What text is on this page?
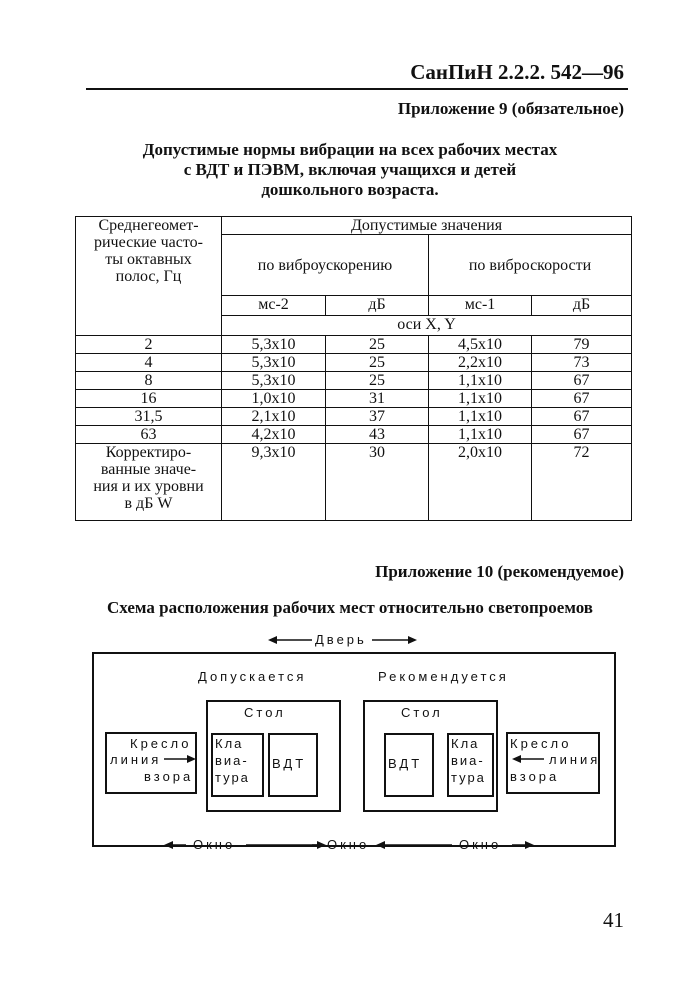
СанПиН 2.2.2. 542—96
Приложение 9 (обязательное)
Допустимые нормы вибрации на всех рабочих местах
с ВДТ и ПЭВМ, включая учащихся и детей
дошкольного возраста.
Среднегеомет-
рические часто-
ты октавных
полос, Гц	Допустимые значения			
	по виброускорению		по виброскорости	
	мс-2	дБ	мс-1	дБ
	оси X, Y			
2	5,3x10	25	4,5x10	79
4	5,3x10	25	2,2x10	73
8	5,3x10	25	1,1x10	67
16	1,0x10	31	1,1x10	67
31,5	2,1x10	37	1,1x10	67
63	4,2x10	43	1,1x10	67

Корректиро-
ванные значе-
ния и их уровни
в дБ W	9,3x10	30	2,0x10	72
Приложение 10 (рекомендуемое)
Схема расположения рабочих мест относительно светопроемов
Дверь
Допускается	Рекомендуется
Стол
Кла
виа-
тура
ВДТ
Кресло
линия
взора
Стол
ВДТ
Кла
виа-
тура
Кресло
линия
взора
Окно	Окно	Окно
41
